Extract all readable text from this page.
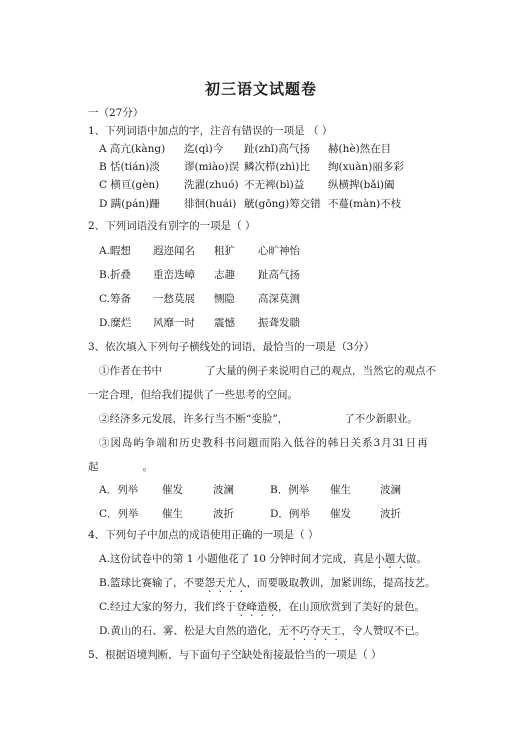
初三语文试题卷
一（27分）
1、下列词语中加点的字，注音有错误的一项是 （ ）
A 高亢(kàng) 迄(qì)今 趾(zhǐ)高气扬 赫(hè)然在目
B 恬(tián)淡 谬(miào)误 鳞次栉(zhì)比 绚(xuàn)丽多彩
C 横亘(gèn) 洗濯(zhuó) 不无裨(bì)益 纵横捭(bǎi)阖
D 蹒(pán)跚 徘徊(huái) 觥(gōng)筹交错 不蔓(màn)不枝
2、下列词语没有别字的一项是（ ）
A.暇想 遐迩闻名 粗犷 心旷神怡
B.折叠 重峦迭嶂 志趣 趾高气扬
C.筹备 一愁莫展 恻隐 高深莫测
D.糜烂 风靡一时 震憾 振聋发聩
3、依次填入下列句子横线处的词语，最恰当的一项是（3分）
①作者在书中	了大量的例子来说明自己的观点，当然它的观点不
一定合理，但给我们提供了一些思考的空间。
②经济多元发展，许多行当不断“变脸”，	了不少新职业。
③ 図 岛 屿 争 端 和 历 史 教 科 书 问 题 而 陷 入 低 谷 的 韩 日 关 系 3 月 31 日 再
起	。
A．列举 催发	波澜	B．例举 催生	波澜
C．列举 催生	波折	D．例举 催发	波折
4、下列句子中加点的成语使用正确的一项是（ ）
A.这份试卷中的第 1 小题他花了 10 分钟时间才完成，真是小题大做。
B.篮球比赛输了，不要怨天尤人，而要吸取教训，加紧训练，提高技艺。
C.经过大家的努力，我们终于登峰造极，在山顶欣赏到了美好的景色。
D.黄山的石、雾、松是大自然的造化，无不巧夺天工，令人赞叹不已。
5、根据语境判断，与下面句子空缺处衔接最恰当的一项是（ ）
